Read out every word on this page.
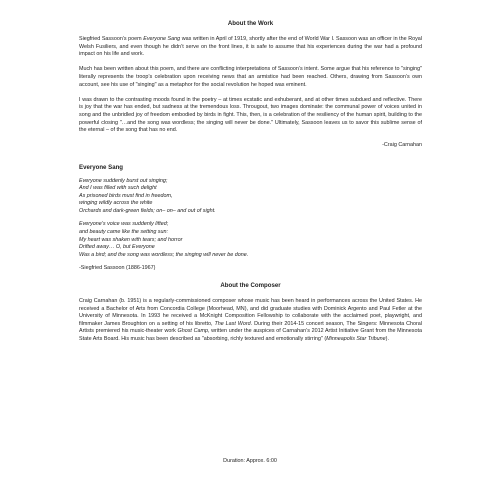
About the Work

Siegfried Sassoon’s poem Everyone Sang was written in April of 1919, shortly after the end of World War I. Sassoon was an officer in the Royal Welsh Fusiliers, and even though he didn’t serve on the front lines, it is safe to assume that his experiences during the war had a profound impact on his life and work.

Much has been written about this poem, and there are conflicting interpretations of Sassoon’s intent. Some argue that his reference to "singing" literally represents the troop’s celebration upon receiving news that an armistice had been reached. Others, drawing from Sassoon’s own account, see his use of "singing" as a metaphor for the social revolution he hoped was eminent.

I was drawn to the contrasting moods found in the poetry – at times ecstatic and exhuberant, and at other times subdued and reflective. There is joy that the war has ended, but sadness at the tremendous loss. Througout, two images dominate: the communal power of voices united in song and the unbridled joy of freedom embodied by birds in fight. This, then, is a celebration of the resiliency of the human spirit, building to the powerful closing "…and the song was wordless; the singing will never be done." Ultimately, Sassoon leaves us to savor this sublime sense of the eternal – of the song that has no end.

-Craig Carnahan
Everyone Sang
Everyone suddenly burst out singing;
And I was filled with such delight
As prisoned birds must find in freedom,
winging wildly across the white
Orchards and dark-green fields; on– on– and out of sight.
Everyone’s voice was suddenly lifted;
and beauty came like the setting sun:
My heart was shaken with tears; and horror
Drifted away… O, but Everyone
Was a bird; and the song was wordless; the singing will never be done.
-Siegfried Sassoon (1886-1967)
About the Composer

Craig Carnahan (b. 1951) is a regularly-commissioned composer whose music has been heard in performances across the United States. He received a Bachelor of Arts from Concordia College (Moorhead, MN), and did graduate studies with Dominick Argento and Paul Fetler at the University of Minnesota. In 1993 he received a McKnight Composition Fellowship to collaborate with the acclaimed poet, playwright, and filmmaker James Broughton on a setting of his libretto, The Last Word. During their 2014-15 concert season, The Singers: Minnesota Choral Artists premiered his music-theater work Ghost Camp, written under the auspices of Carnahan’s 2012 Artist Initiative Grant from the Minnesota State Arts Board. His music has been described as "absorbing, richly textured and emotionally stirring" (Minneapolis Star Tribune).

Duration: Approx. 6:00
